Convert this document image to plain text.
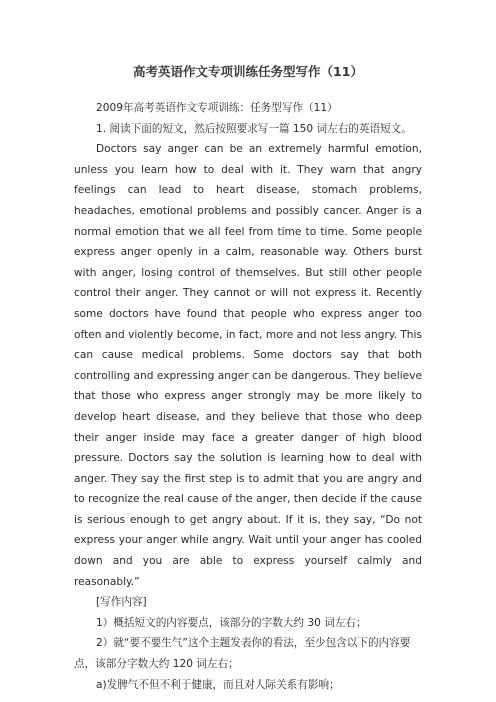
高考英语作文专项训练任务型写作（11）

2009年高考英语作文专项训练：任务型写作（11）

1. 阅读下面的短文，然后按照要求写一篇 150 词左右的英语短文。

Doctors say anger can be an extremely harmful emotion, unless you learn how to deal with it. They warn that angry feelings can lead to heart disease, stomach problems, headaches, emotional problems and possibly cancer. Anger is a normal emotion that we all feel from time to time. Some people express anger openly in a calm, reasonable way. Others burst with anger, losing control of themselves. But still other people control their anger. They cannot or will not express it. Recently some doctors have found that people who express anger too often and violently become, in fact, more and not less angry. This can cause medical problems. Some doctors say that both controlling and expressing anger can be dangerous. They believe that those who express anger strongly may be more likely to develop heart disease, and they believe that those who deep their anger inside may face a greater danger of high blood pressure. Doctors say the solution is learning how to deal with anger. They say the first step is to admit that you are angry and to recognize the real cause of the anger, then decide if the cause is serious enough to get angry about. If it is, they say, “Do not express your anger while angry. Wait until your anger has cooled down and you are able to express yourself calmly and reasonably.”

[写作内容]

1）概括短文的内容要点，该部分的字数大约 30 词左右；

2）就“要不要生气”这个主题发表你的看法，至少包含以下的内容要点，该部分字数大约 120 词左右；

a)发脾气不但不利于健康，而且对人际关系有影响；
